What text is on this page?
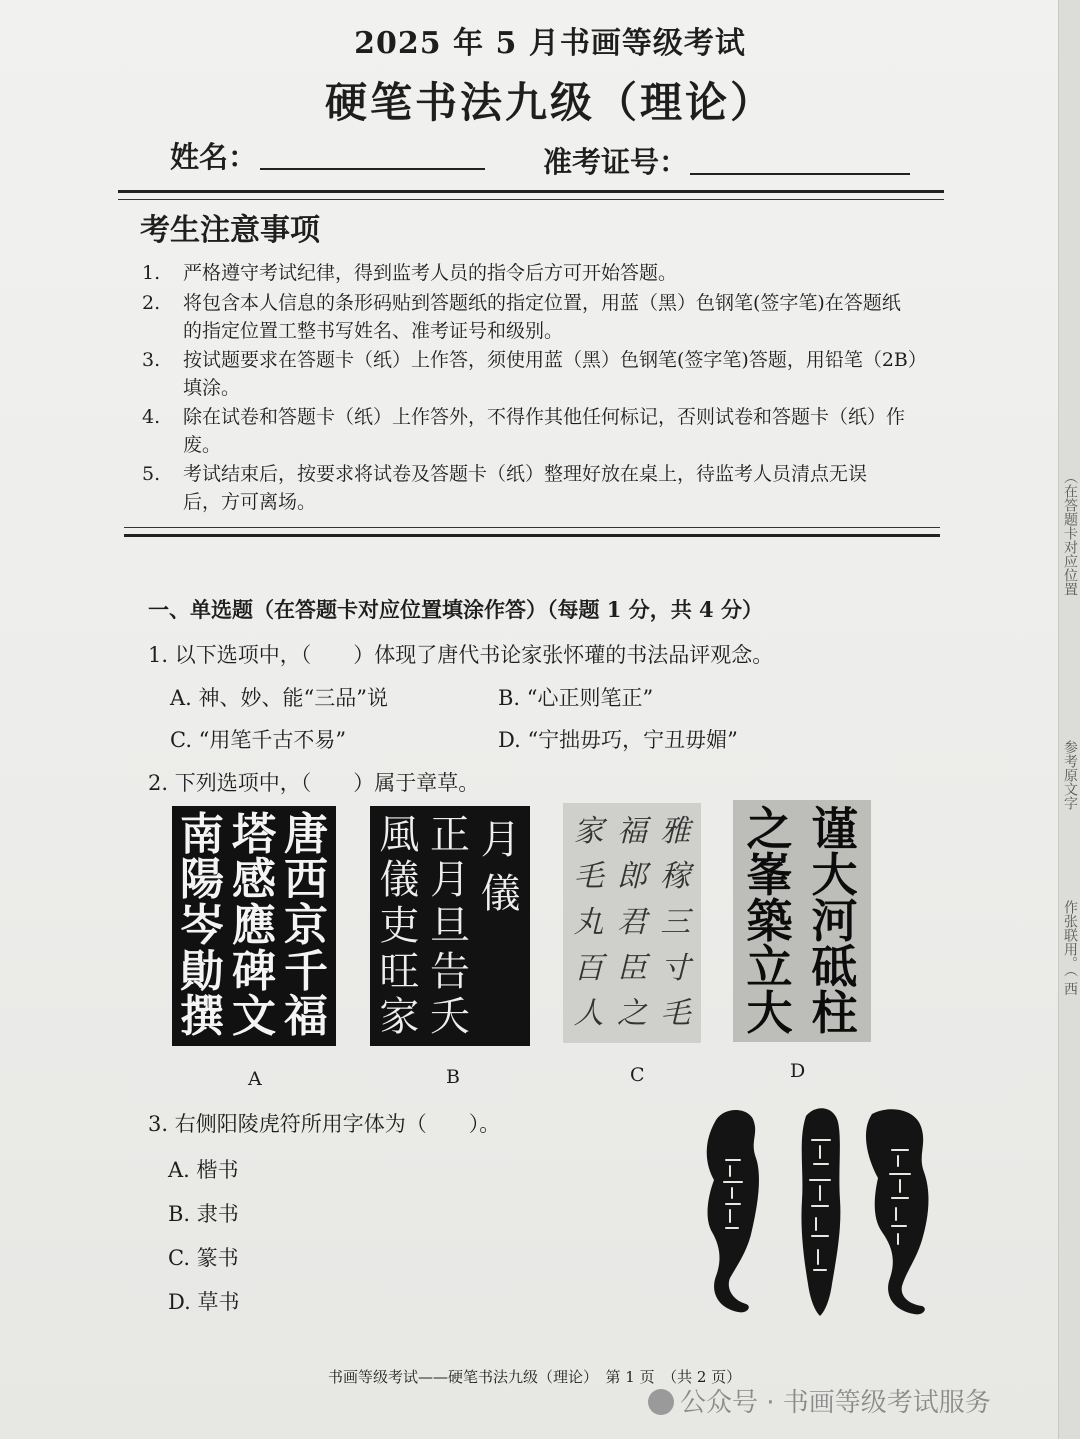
（在答题卡对应位置
参考原文字
作张联用。（ 西
2025 年 5 月书画等级考试
硬笔书法九级（理论）
姓名：	准考证号：
考生注意事项
1. 严格遵守考试纪律，得到监考人员的指令后方可开始答题。
2. 将包含本人信息的条形码贴到答题纸的指定位置，用蓝（黑）色钢笔(签字笔)在答题纸
的指定位置工整书写姓名、准考证号和级别。
3. 按试题要求在答题卡（纸）上作答，须使用蓝（黑）色钢笔(签字笔)答题，用铅笔（2B）
填涂。
4. 除在试卷和答题卡（纸）上作答外，不得作其他任何标记，否则试卷和答题卡（纸）作
废。
5. 考试结束后，按要求将试卷及答题卡（纸）整理好放在桌上，待监考人员清点无误
后，方可离场。
一、单选题（在答题卡对应位置填涂作答）（每题 1 分，共 4 分）
1. 以下选项中，（　　）体现了唐代书论家张怀瓘的书法品评观念。
A. 神、妙、能“三品”说	B. “心正则笔正”
C. “用笔千古不易”	D. “宁拙毋巧，宁丑毋媚”
2. 下列选项中，（　　）属于章草。
唐
西
京
千
福
塔
感
應
碑
文
南
陽
岑
勛
撰
月
儀
正
月
旦
告
夭
風
儀
吏
旺
家
雅
稼
三
寸
毛
福
郎
君
臣
之
家
毛
丸
百
人
谨
大
河
砥
柱
之
峯
築
立
大
A	B	C	D
3. 右侧阳陵虎符所用字体为（　　）。
A. 楷书
B. 隶书
C. 篆书
D. 草书
书画等级考试——硬笔书法九级（理论）　第 1 页　（共 2 页）
公众号 · 书画等级考试服务
